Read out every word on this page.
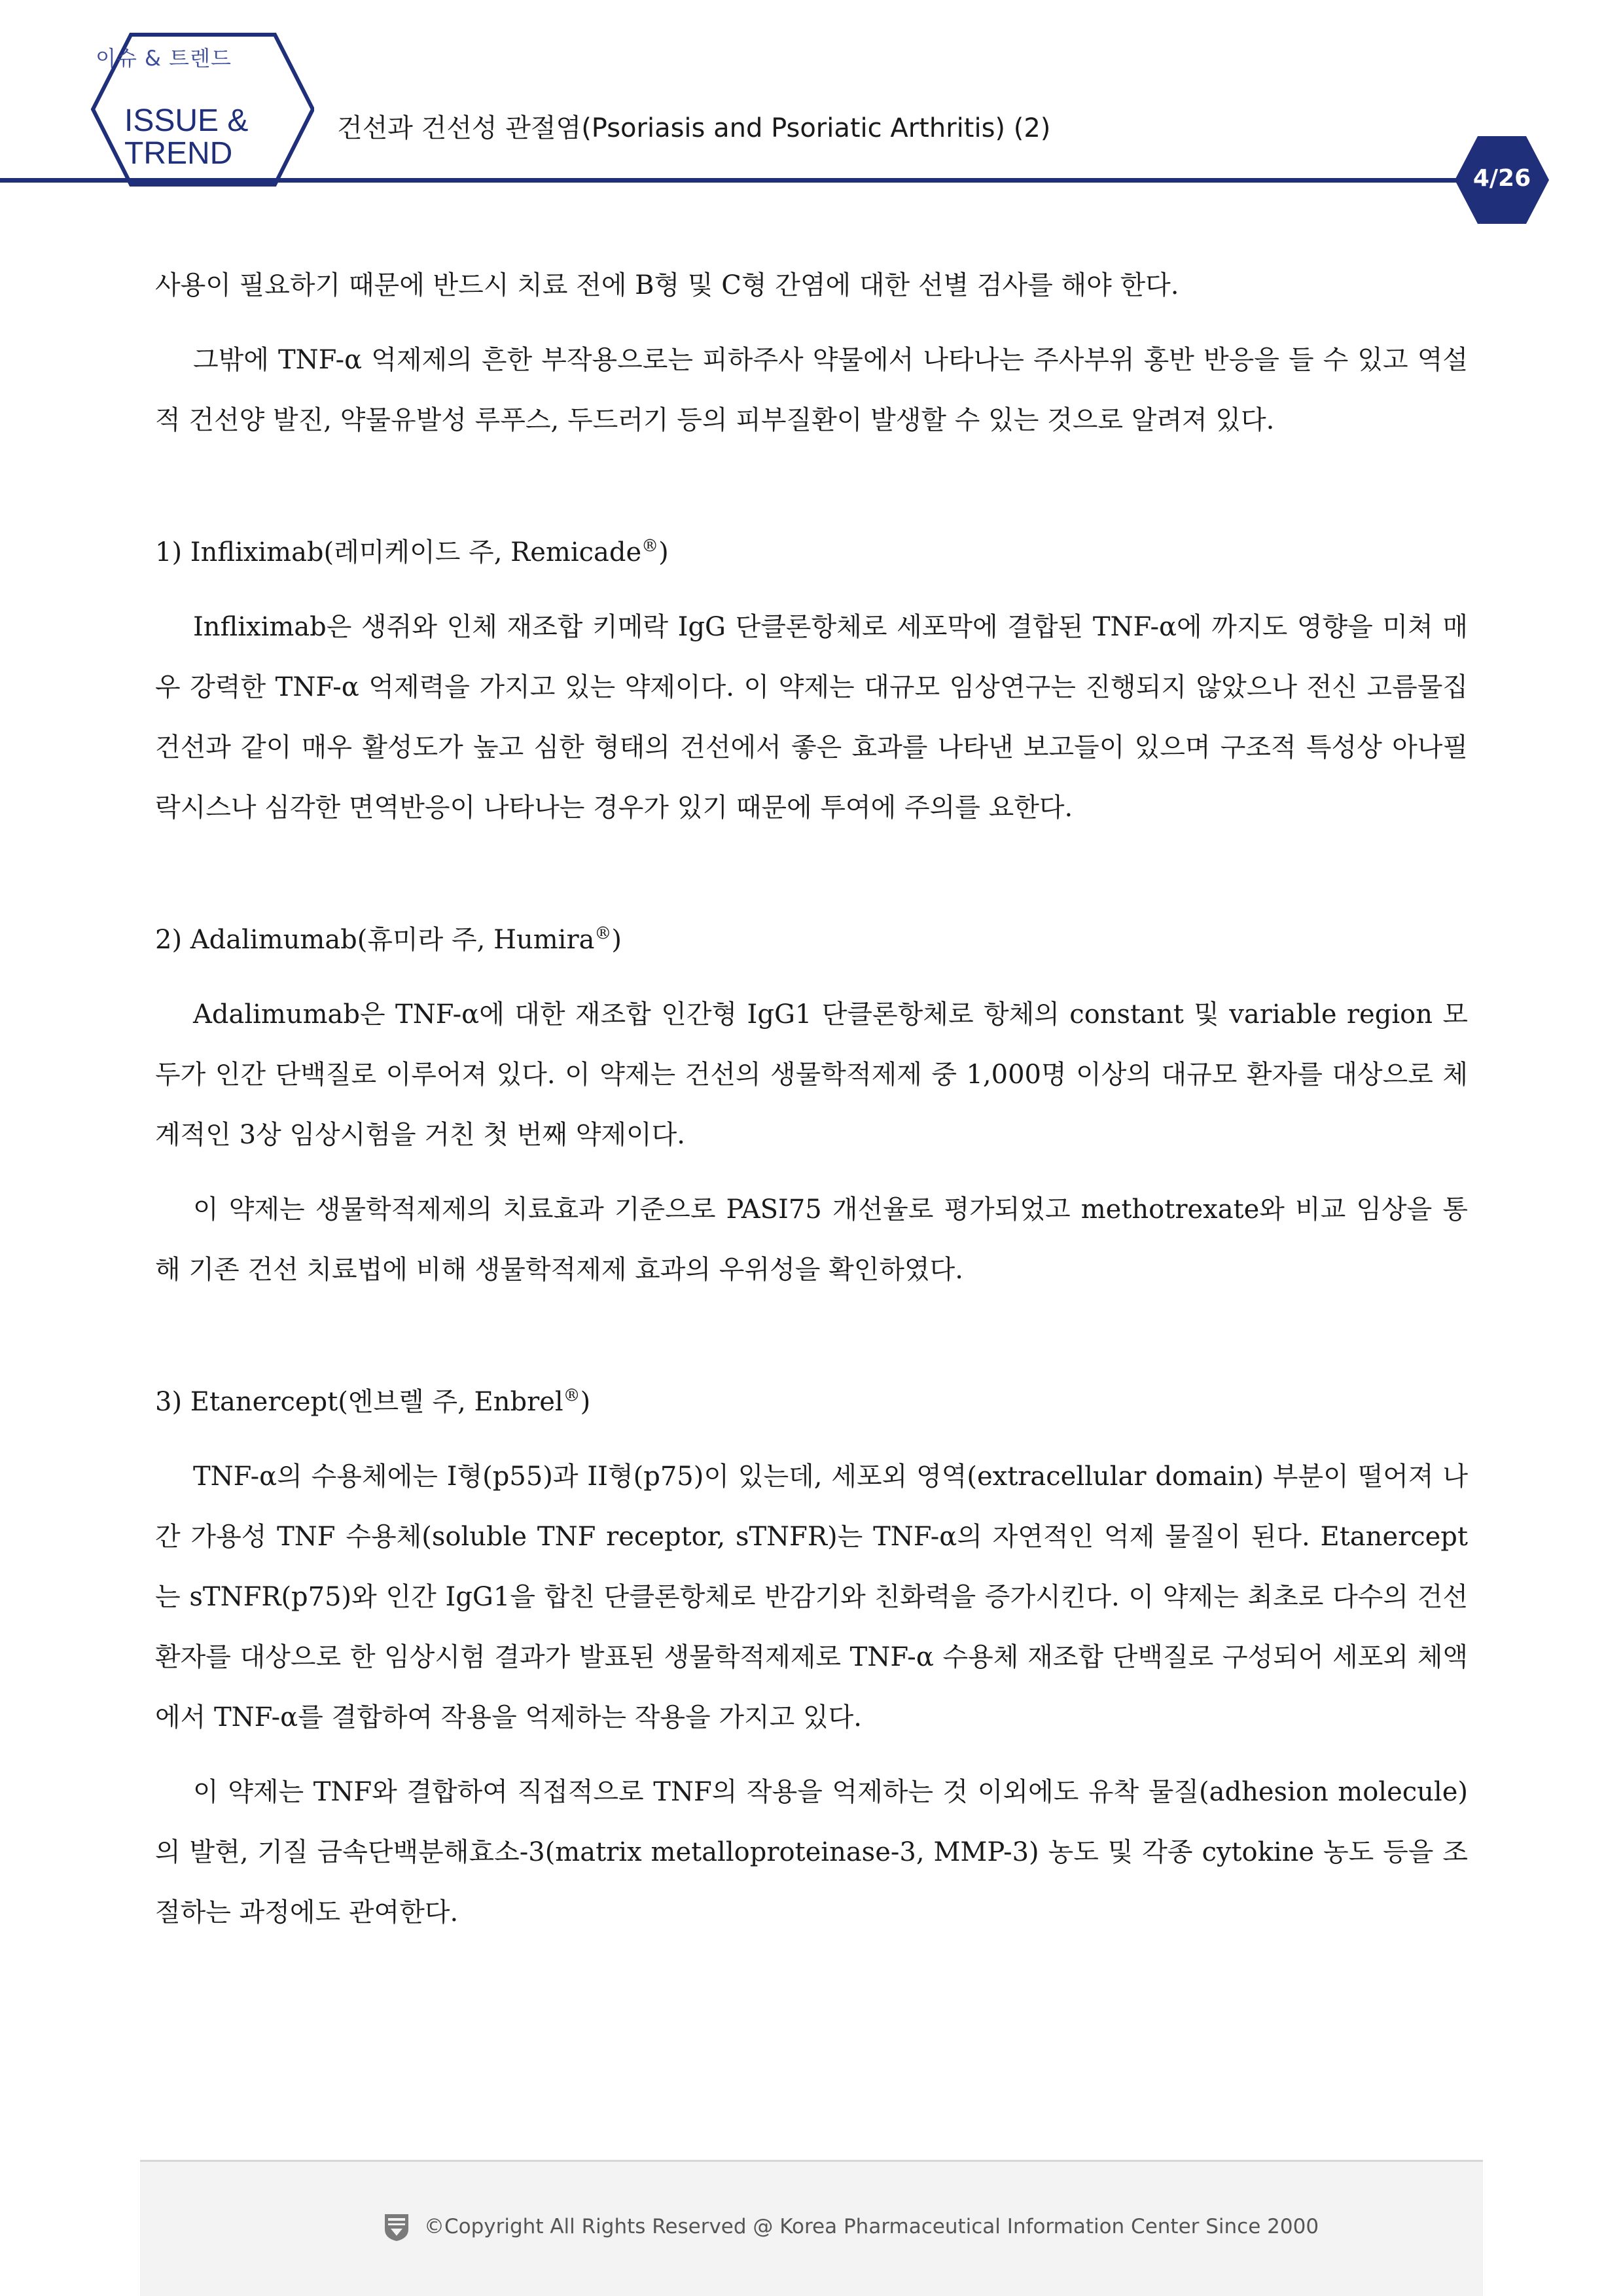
이슈 & 트렌드
ISSUE &
TREND
건선과 건선성 관절염(Psoriasis and Psoriatic Arthritis) (2)
4/26

사용이 필요하기 때문에 반드시 치료 전에 B형 및 C형 간염에 대한 선별 검사를 해야 한다.

그밖에 TNF-α 억제제의 흔한 부작용으로는 피하주사 약물에서 나타나는 주사부위 홍반 반응을 들 수 있고 역설적 건선양 발진, 약물유발성 루푸스, 두드러기 등의 피부질환이 발생할 수 있는 것으로 알려져 있다.

1) Infliximab(레미케이드 주, Remicade®)

Infliximab은 생쥐와 인체 재조합 키메락 IgG 단클론항체로 세포막에 결합된 TNF-α에 까지도 영향을 미쳐 매우 강력한 TNF-α 억제력을 가지고 있는 약제이다. 이 약제는 대규모 임상연구는 진행되지 않았으나 전신 고름물집 건선과 같이 매우 활성도가 높고 심한 형태의 건선에서 좋은 효과를 나타낸 보고들이 있으며 구조적 특성상 아나필락시스나 심각한 면역반응이 나타나는 경우가 있기 때문에 투여에 주의를 요한다.

2) Adalimumab(휴미라 주, Humira®)

Adalimumab은 TNF-α에 대한 재조합 인간형 IgG1 단클론항체로 항체의 constant 및 variable region 모두가 인간 단백질로 이루어져 있다. 이 약제는 건선의 생물학적제제 중 1,000명 이상의 대규모 환자를 대상으로 체계적인 3상 임상시험을 거친 첫 번째 약제이다.

이 약제는 생물학적제제의 치료효과 기준으로 PASI75 개선율로 평가되었고 methotrexate와 비교 임상을 통해 기존 건선 치료법에 비해 생물학적제제 효과의 우위성을 확인하였다.

3) Etanercept(엔브렐 주, Enbrel®)

TNF-α의 수용체에는 I형(p55)과 II형(p75)이 있는데, 세포외 영역(extracellular domain) 부분이 떨어져 나간 가용성 TNF 수용체(soluble TNF receptor, sTNFR)는 TNF-α의 자연적인 억제 물질이 된다. Etanercept는 sTNFR(p75)와 인간 IgG1을 합친 단클론항체로 반감기와 친화력을 증가시킨다. 이 약제는 최초로 다수의 건선 환자를 대상으로 한 임상시험 결과가 발표된 생물학적제제로 TNF-α 수용체 재조합 단백질로 구성되어 세포외 체액에서 TNF-α를 결합하여 작용을 억제하는 작용을 가지고 있다.

이 약제는 TNF와 결합하여 직접적으로 TNF의 작용을 억제하는 것 이외에도 유착 물질(adhesion molecule)의 발현, 기질 금속단백분해효소-3(matrix metalloproteinase-3, MMP-3) 농도 및 각종 cytokine 농도 등을 조절하는 과정에도 관여한다.

©Copyright All Rights Reserved @ Korea Pharmaceutical Information Center Since 2000
